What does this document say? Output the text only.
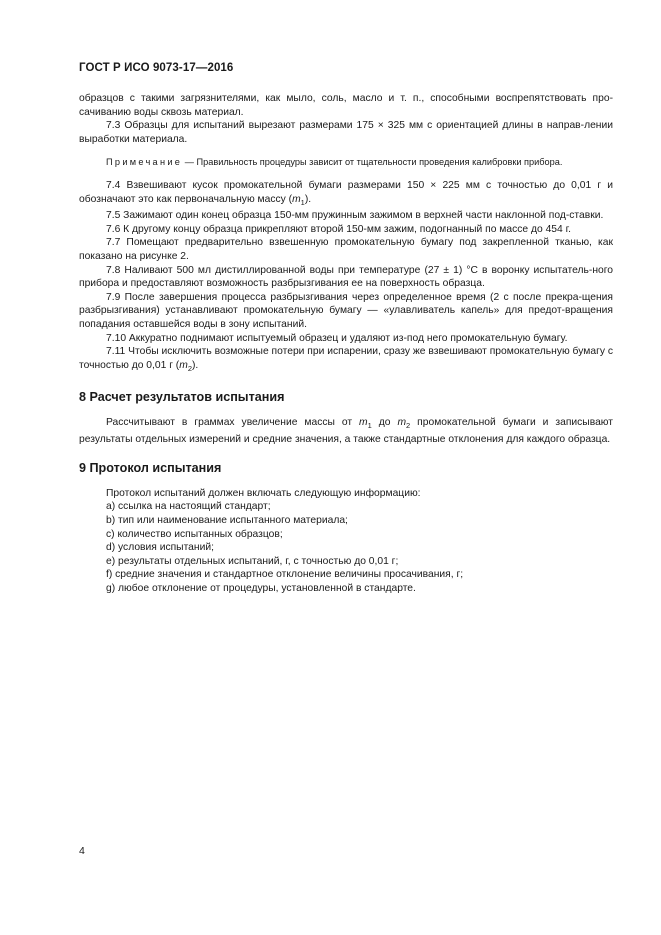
ГОСТ Р ИСО 9073-17—2016

образцов с такими загрязнителями, как мыло, соль, масло и т. п., способными воспрепятствовать про-сачиванию воды сквозь материал.

7.3 Образцы для испытаний вырезают размерами 175 × 325 мм с ориентацией длины в направ-лении выработки материала.

Примечание — Правильность процедуры зависит от тщательности проведения калибровки прибора.

7.4 Взвешивают кусок промокательной бумаги размерами 150 × 225 мм с точностью до 0,01 г и обозначают это как первоначальную массу $(m_1)$.

7.5 Зажимают один конец образца 150-мм пружинным зажимом в верхней части наклонной под-ставки.

7.6 К другому концу образца прикрепляют второй 150-мм зажим, подогнанный по массе до 454 г.

7.7 Помещают предварительно взвешенную промокательную бумагу под закрепленной тканью, как показано на рисунке 2.

7.8 Наливают 500 мл дистиллированной воды при температуре (27 ± 1) °С в воронку испытатель-ного прибора и предоставляют возможность разбрызгивания ее на поверхность образца.

7.9 После завершения процесса разбрызгивания через определенное время (2 с после прекра-щения разбрызгивания) устанавливают промокательную бумагу — «улавливатель капель» для предот-вращения попадания оставшейся воды в зону испытаний.

7.10 Аккуратно поднимают испытуемый образец и удаляют из-под него промокательную бумагу.

7.11 Чтобы исключить возможные потери при испарении, сразу же взвешивают промокательную бумагу с точностью до 0,01 г $(m_2)$.

8 Расчет результатов испытания

Рассчитывают в граммах увеличение массы от $m_1$ до $m_2$ промокательной бумаги и записывают результаты отдельных измерений и средние значения, а также стандартные отклонения для каждого образца.

9 Протокол испытания

Протокол испытаний должен включать следующую информацию:

a) ссылка на настоящий стандарт;

b) тип или наименование испытанного материала;

c) количество испытанных образцов;

d) условия испытаний;

e) результаты отдельных испытаний, г, с точностью до 0,01 г;

f) средние значения и стандартное отклонение величины просачивания, г;

g) любое отклонение от процедуры, установленной в стандарте.

4
